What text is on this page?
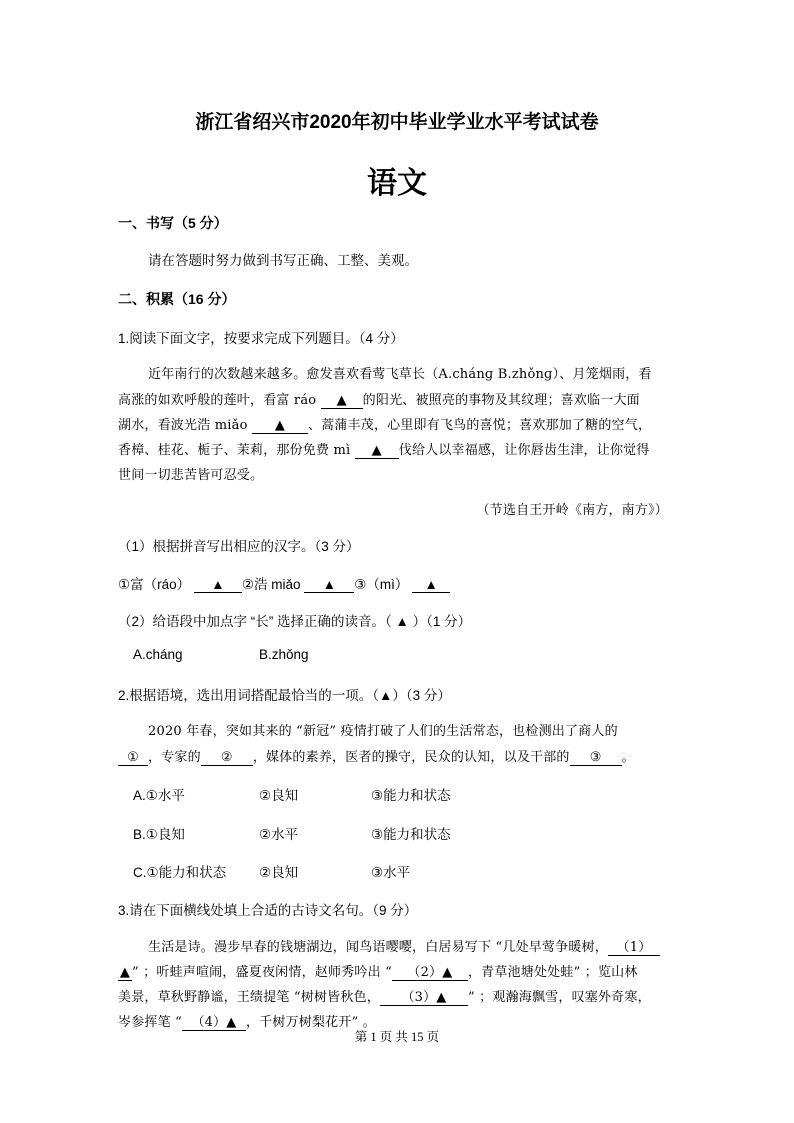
浙江省绍兴市2020年初中毕业学业水平考试试卷
语文
一、书写（5 分）
请在答题时努力做到书写正确、工整、美观。
二、积累（16 分）
1.阅读下面文字，按要求完成下列题目。（4 分）
近年南行的次数越来越多。愈发喜欢看莺飞草长（A.chánɡ B.zhǒnɡ）、月笼烟雨，看
高涨的如欢呼般的莲叶，看富 ráo ▲ 的阳光、被照亮的事物及其纹理；喜欢临一大面
湖水，看波光浩 miǎo ▲ 、蒿蒲丰茂，心里即有飞鸟的喜悦；喜欢那加了糖的空气，
香樟、桂花、栀子、茉莉，那份免费 mì ▲ 伐给人以幸福感，让你唇齿生津，让你觉得
世间一切悲苦皆可忍受。
（节选自王开岭《南方，南方》）
（1）根据拼音写出相应的汉字。（3 分）
①富（ráo） ▲ ②浩 miǎo ▲ ③（mì） ▲
（2）给语段中加点字 “长” 选择正确的读音。（ ▲ ）（1 分）
A.chánɡ	B.zhǒnɡ
2.根据语境，选出用词搭配最恰当的一项。（▲）（3 分）
2020 年春，突如其来的 “新冠” 疫情打破了人们的生活常态，也检测出了商人的
① ，专家的 ② ，媒体的素养，医者的操守，民众的认知，以及干部的 ③ 。
A.①水平	②良知	③能力和状态
B.①良知	②水平	③能力和状态
C.①能力和状态 ②良知	③水平
3.请在下面横线处填上合适的古诗文名句。（9 分）
生活是诗。漫步早春的钱塘湖边，闻鸟语嘤嘤，白居易写下 “几处早莺争暖树， （1）
▲ ” ；听蛙声喧闹，盛夏夜闲情，赵师秀吟出 “ （2）▲ ，青草池塘处处蛙” ；览山林
美景，草秋野静谧，王绩提笔 “树树皆秋色， （3）▲ ” ；观瀚海飘雪，叹塞外奇寒，
岑参挥笔 “ （4）▲ ，千树万树梨花开” 。
第 1 页 共 15 页
